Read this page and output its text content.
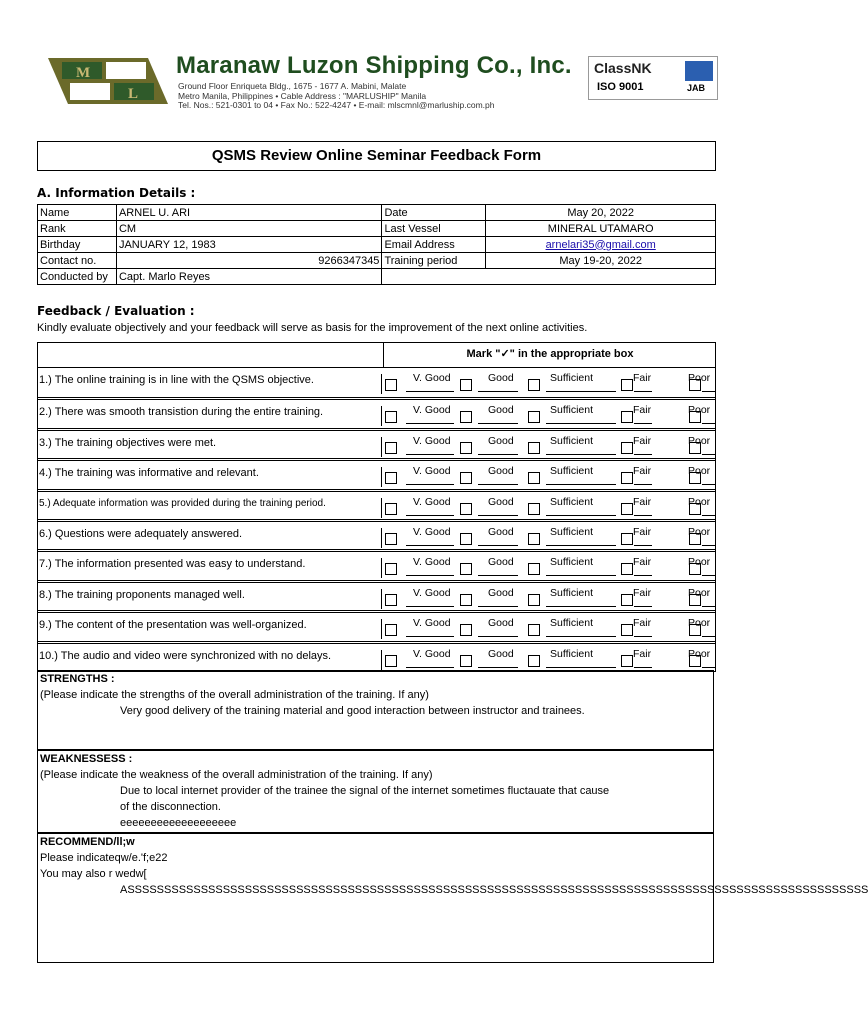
M
L
Maranaw Luzon Shipping Co., Inc.
Ground Floor Enriqueta Bldg., 1675 - 1677 A. Mabini, Malate
Metro Manila, Philippines • Cable Address : "MARLUSHIP" Manila
Tel. Nos.: 521-0301 to 04 • Fax No.: 522-4247 • E-mail: mlscmnl@marluship.com.ph
ClassNK
ISO 9001	JAB
QSMS Review Online Seminar Feedback Form
A. Information Details :
Name	ARNEL U. ARI	Date	May 20, 2022
Rank	CM	Last Vessel	MINERAL UTAMARO
Birthday	JANUARY 12, 1983	Email Address	arnelari35@gmail.com
Contact no.	9266347345	Training period	May 19-20, 2022
Conducted by	Capt. Marlo Reyes		
Feedback / Evaluation :
Kindly evaluate objectively and your feedback will serve as basis for the improvement of the next online activities.
Mark "✓" in the appropriate box
1.) The online training is in line with the QSMS objective.	V. Good	Good	Sufficient	Fair	Poor
2.) There was smooth transistion during the entire training.	V. Good	Good	Sufficient	Fair	Poor
3.) The training objectives were met.	V. Good	Good	Sufficient	Fair	Poor
4.) The training was informative and relevant.	V. Good	Good	Sufficient	Fair	Poor
5.) Adequate information was provided during the training period.	V. Good	Good	Sufficient	Fair	Poor
6.) Questions were adequately answered.	V. Good	Good	Sufficient	Fair	Poor
7.) The information presented was easy to understand.	V. Good	Good	Sufficient	Fair	Poor
8.) The training proponents managed well.	V. Good	Good	Sufficient	Fair	Poor
9.) The content of the presentation was well-organized.	V. Good	Good	Sufficient	Fair	Poor
10.) The audio and video were synchronized with no delays.	V. Good	Good	Sufficient	Fair	Poor
STRENGTHS :
(Please indicate the strengths of the overall administration of the training. If any)
Very good delivery of the training material and good interaction between instructor and trainees.
WEAKNESSESS :
(Please indicate the weakness of the overall administration of the training. If any)
Due to local internet provider of the trainee the signal of the internet sometimes fluctauate that cause
of the disconnection.
eeeeeeeeeeeeeeeeeee
RECOMMEND/ll;w
Please indicateqw/e.'f;e22
You may also r wedw[
ASSSSSSSSSSSSSSSSSSSSSSSSSSSSSSSSSSSSSSSSSSSSSSSSSSSSSSSSSSSSSSSSSSSSSSSSSSSSSSSSSSSSSSSSSSSSSSSSSSSSS
